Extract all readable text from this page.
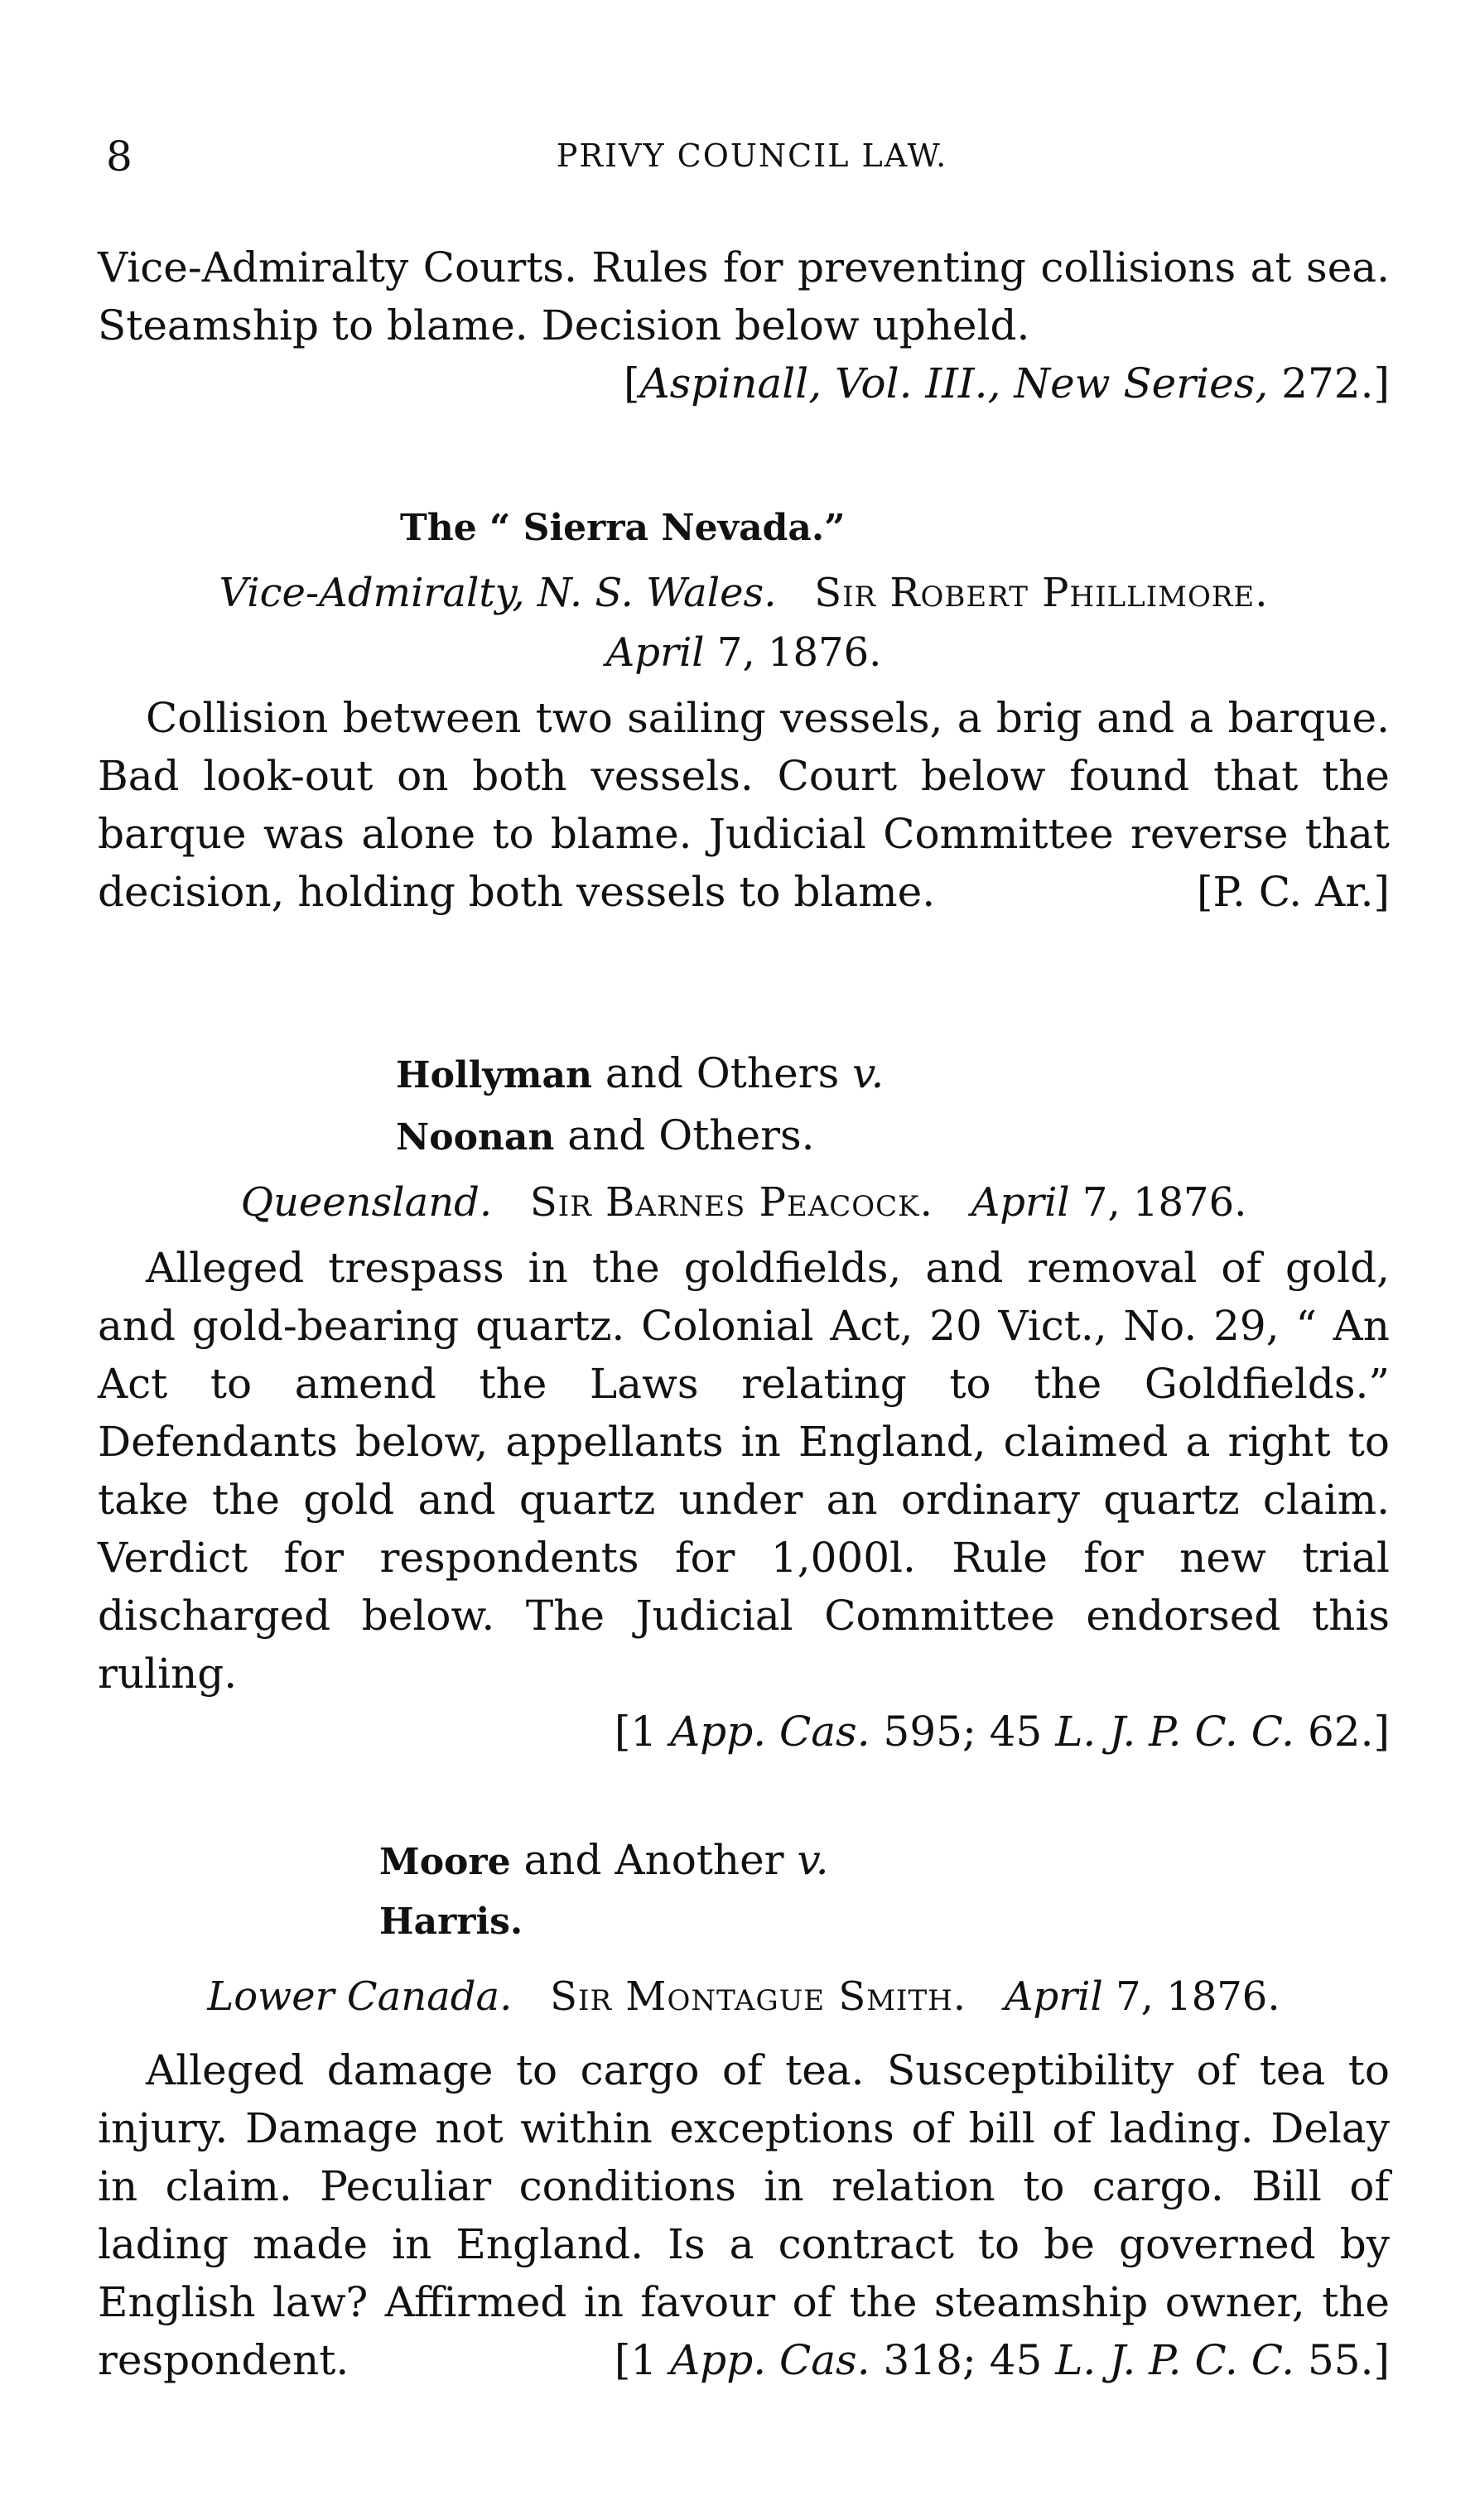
8	PRIVY COUNCIL LAW.

Vice-Admiralty Courts. Rules for preventing collisions at sea. Steamship to blame. Decision below upheld.

[Aspinall, Vol. III., New Series, 272.]

The “ Sierra Nevada.”

Vice-Admiralty, N. S. Wales. Sir Robert Phillimore.

April 7, 1876.

Collision between two sailing vessels, a brig and a barque. Bad look-out on both vessels. Court below found that the barque was alone to blame. Judicial Committee reverse that decision, holding both vessels to blame.	[P. C. Ar.]

Hollyman and Others v.

Noonan and Others.

Queensland. Sir Barnes Peacock. April 7, 1876.

Alleged trespass in the goldfields, and removal of gold, and gold-bearing quartz. Colonial Act, 20 Vict., No. 29, “ An Act to amend the Laws relating to the Goldfields.” Defendants below, appellants in England, claimed a right to take the gold and quartz under an ordinary quartz claim. Verdict for respondents for 1,000l. Rule for new trial discharged below. The Judicial Committee endorsed this ruling.

[1 App. Cas. 595; 45 L. J. P. C. C. 62.]

Moore and Another v.

Harris.

Lower Canada. Sir Montague Smith. April 7, 1876.

Alleged damage to cargo of tea. Susceptibility of tea to injury. Damage not within exceptions of bill of lading. Delay in claim. Peculiar conditions in relation to cargo. Bill of lading made in England. Is a contract to be governed by English law? Affirmed in favour of the steamship owner, the respondent.	[1 App. Cas. 318; 45 L. J. P. C. C. 55.]
